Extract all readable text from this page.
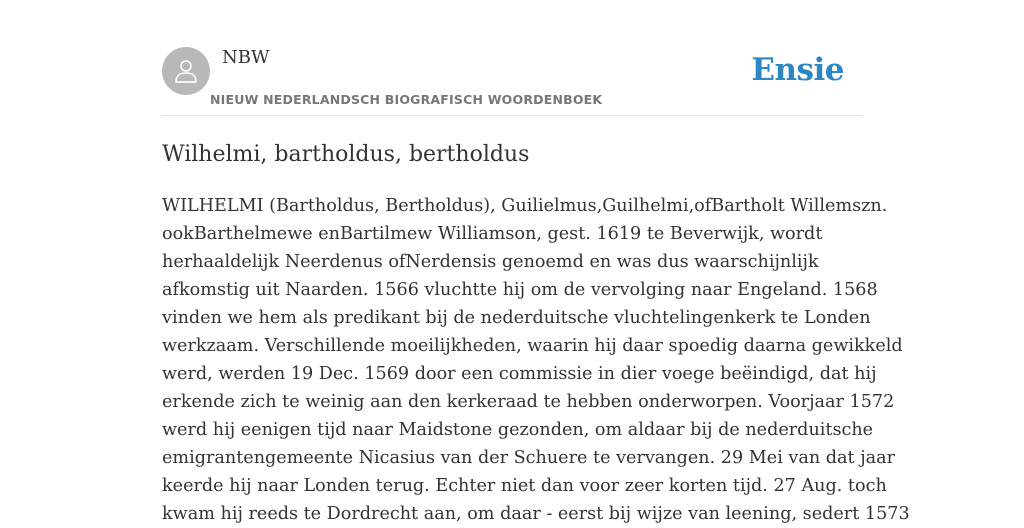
NBW
NIEUW NEDERLANDSCH BIOGRAFISCH WOORDENBOEK
Ensie
Wilhelmi, bartholdus, bertholdus
WILHELMI (Bartholdus, Bertholdus), Guilielmus,Guilhelmi,ofBartholt Willemszn.
ookBarthelmewe enBartilmew Williamson, gest. 1619 te Beverwijk, wordt
herhaaldelijk Neerdenus ofNerdensis genoemd en was dus waarschijnlijk
afkomstig uit Naarden. 1566 vluchtte hij om de vervolging naar Engeland. 1568
vinden we hem als predikant bij de nederduitsche vluchtelingenkerk te Londen
werkzaam. Verschillende moeilijkheden, waarin hij daar spoedig daarna gewikkeld
werd, werden 19 Dec. 1569 door een commissie in dier voege beëindigd, dat hij
erkende zich te weinig aan den kerkeraad te hebben onderworpen. Voorjaar 1572
werd hij eenigen tijd naar Maidstone gezonden, om aldaar bij de nederduitsche
emigrantengemeente Nicasius van der Schuere te vervangen. 29 Mei van dat jaar
keerde hij naar Londen terug. Echter niet dan voor zeer korten tijd. 27 Aug. toch
kwam hij reeds te Dordrecht aan, om daar - eerst bij wijze van leening, sedert 1573
